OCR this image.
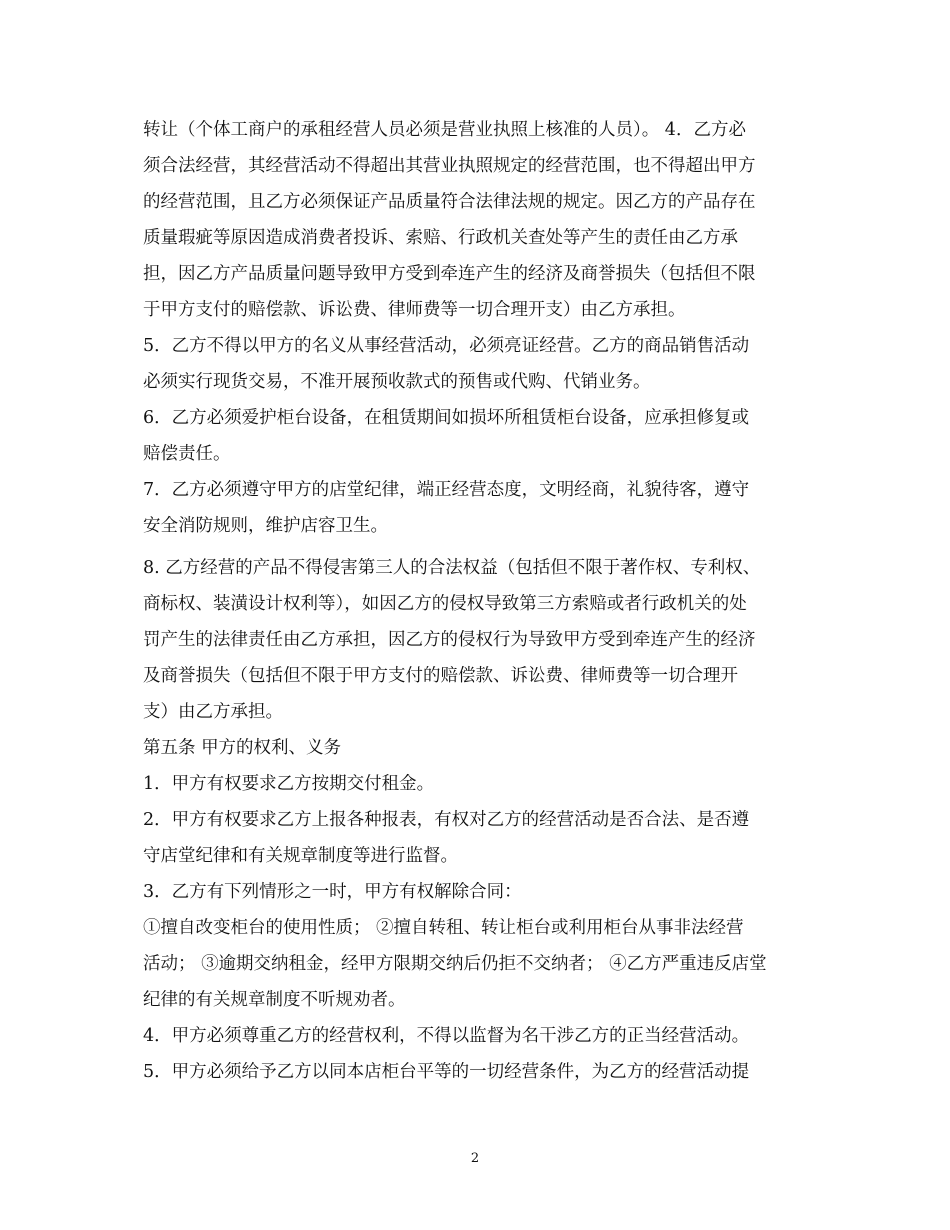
转让（个体工商户的承租经营人员必须是营业执照上核准的人员）。 4．乙方必
须合法经营，其经营活动不得超出其营业执照规定的经营范围，也不得超出甲方
的经营范围，且乙方必须保证产品质量符合法律法规的规定。因乙方的产品存在
质量瑕疵等原因造成消费者投诉、索赔、行政机关查处等产生的责任由乙方承
担，因乙方产品质量问题导致甲方受到牵连产生的经济及商誉损失（包括但不限
于甲方支付的赔偿款、诉讼费、律师费等一切合理开支）由乙方承担。
5．乙方不得以甲方的名义从事经营活动，必须亮证经营。乙方的商品销售活动
必须实行现货交易，不准开展预收款式的预售或代购、代销业务。
6．乙方必须爱护柜台设备，在租赁期间如损坏所租赁柜台设备，应承担修复或
赔偿责任。
7．乙方必须遵守甲方的店堂纪律，端正经营态度，文明经商，礼貌待客，遵守
安全消防规则，维护店容卫生。
8. 乙方经营的产品不得侵害第三人的合法权益（包括但不限于著作权、专利权、
商标权、装潢设计权利等），如因乙方的侵权导致第三方索赔或者行政机关的处
罚产生的法律责任由乙方承担，因乙方的侵权行为导致甲方受到牵连产生的经济
及商誉损失（包括但不限于甲方支付的赔偿款、诉讼费、律师费等一切合理开
支）由乙方承担。
第五条 甲方的权利、义务
1．甲方有权要求乙方按期交付租金。
2．甲方有权要求乙方上报各种报表，有权对乙方的经营活动是否合法、是否遵
守店堂纪律和有关规章制度等进行监督。
3．乙方有下列情形之一时，甲方有权解除合同：
①擅自改变柜台的使用性质； ②擅自转租、转让柜台或利用柜台从事非法经营
活动； ③逾期交纳租金，经甲方限期交纳后仍拒不交纳者； ④乙方严重违反店堂
纪律的有关规章制度不听规劝者。
4．甲方必须尊重乙方的经营权利，不得以监督为名干涉乙方的正当经营活动。
5．甲方必须给予乙方以同本店柜台平等的一切经营条件，为乙方的经营活动提
2
